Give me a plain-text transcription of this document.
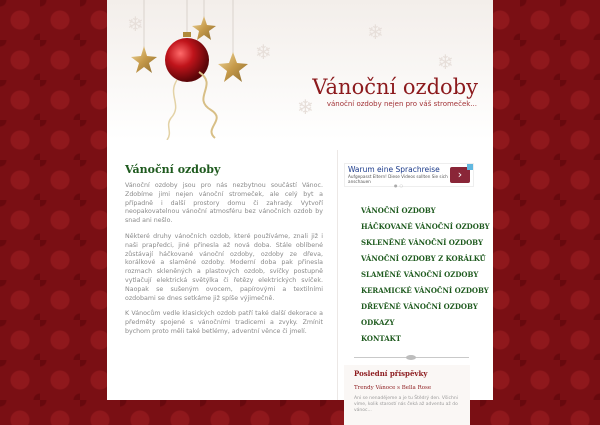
❄
❄
❄
❄
❄
Vánoční ozdoby
vánoční ozdoby nejen pro váš stromeček...
Vánoční ozdoby

Vánoční ozdoby jsou pro nás nezbytnou součástí Vánoc. Zdobíme jimi nejen vánoční stromeček, ale celý byt a případně i další prostory domu či zahrady. Vytvoří neopakovatelnou vánoční atmosféru bez vánočních ozdob by snad ani nešlo.

Některé druhy vánočních ozdob, které používáme, znali již i naši prapředci, jiné přinesla až nová doba. Stále oblíbené zůstávají háčkované vánoční ozdoby, ozdoby ze dřeva, korálkové a slaměné ozdoby. Moderní doba pak přinesla rozmach skleněných a plastových ozdob, svíčky postupně vytlačují elektrická světýlka či řetězy elektrických svíček. Naopak se sušeným ovocem, papírovými a textilními ozdobami se dnes setkáme již spíše výjimečně.

K Vánocům vedle klasických ozdob patří také další dekorace a předměty spojené s vánočními tradicemi a zvyky. Zmínit bychom proto měli také betlémy, adventní věnce či jmelí.

Warum eine Sprachreise
Aufgepasst Eltern! Diese Videos sollten Sie sich anschauen
›
●○
VÁNOČNÍ OZDOBY
HÁČKOVANÉ VÁNOČNÍ OZDOBY
SKLENĚNÉ VÁNOČNÍ OZDOBY
VÁNOČNÍ OZDOBY Z KORÁLKŮ
SLAMĚNÉ VÁNOČNÍ OZDOBY
KERAMICKÉ VÁNOČNÍ OZDOBY
DŘEVĚNÉ VÁNOČNÍ OZDOBY
ODKAZY
KONTAKT
Poslední příspěvky
Trendy Vánoce s Bella Rose
Ani se nenadějeme a je tu Štědrý den. Všichni víme, kolik starostí nás čeká až adventu až do vánoc...
